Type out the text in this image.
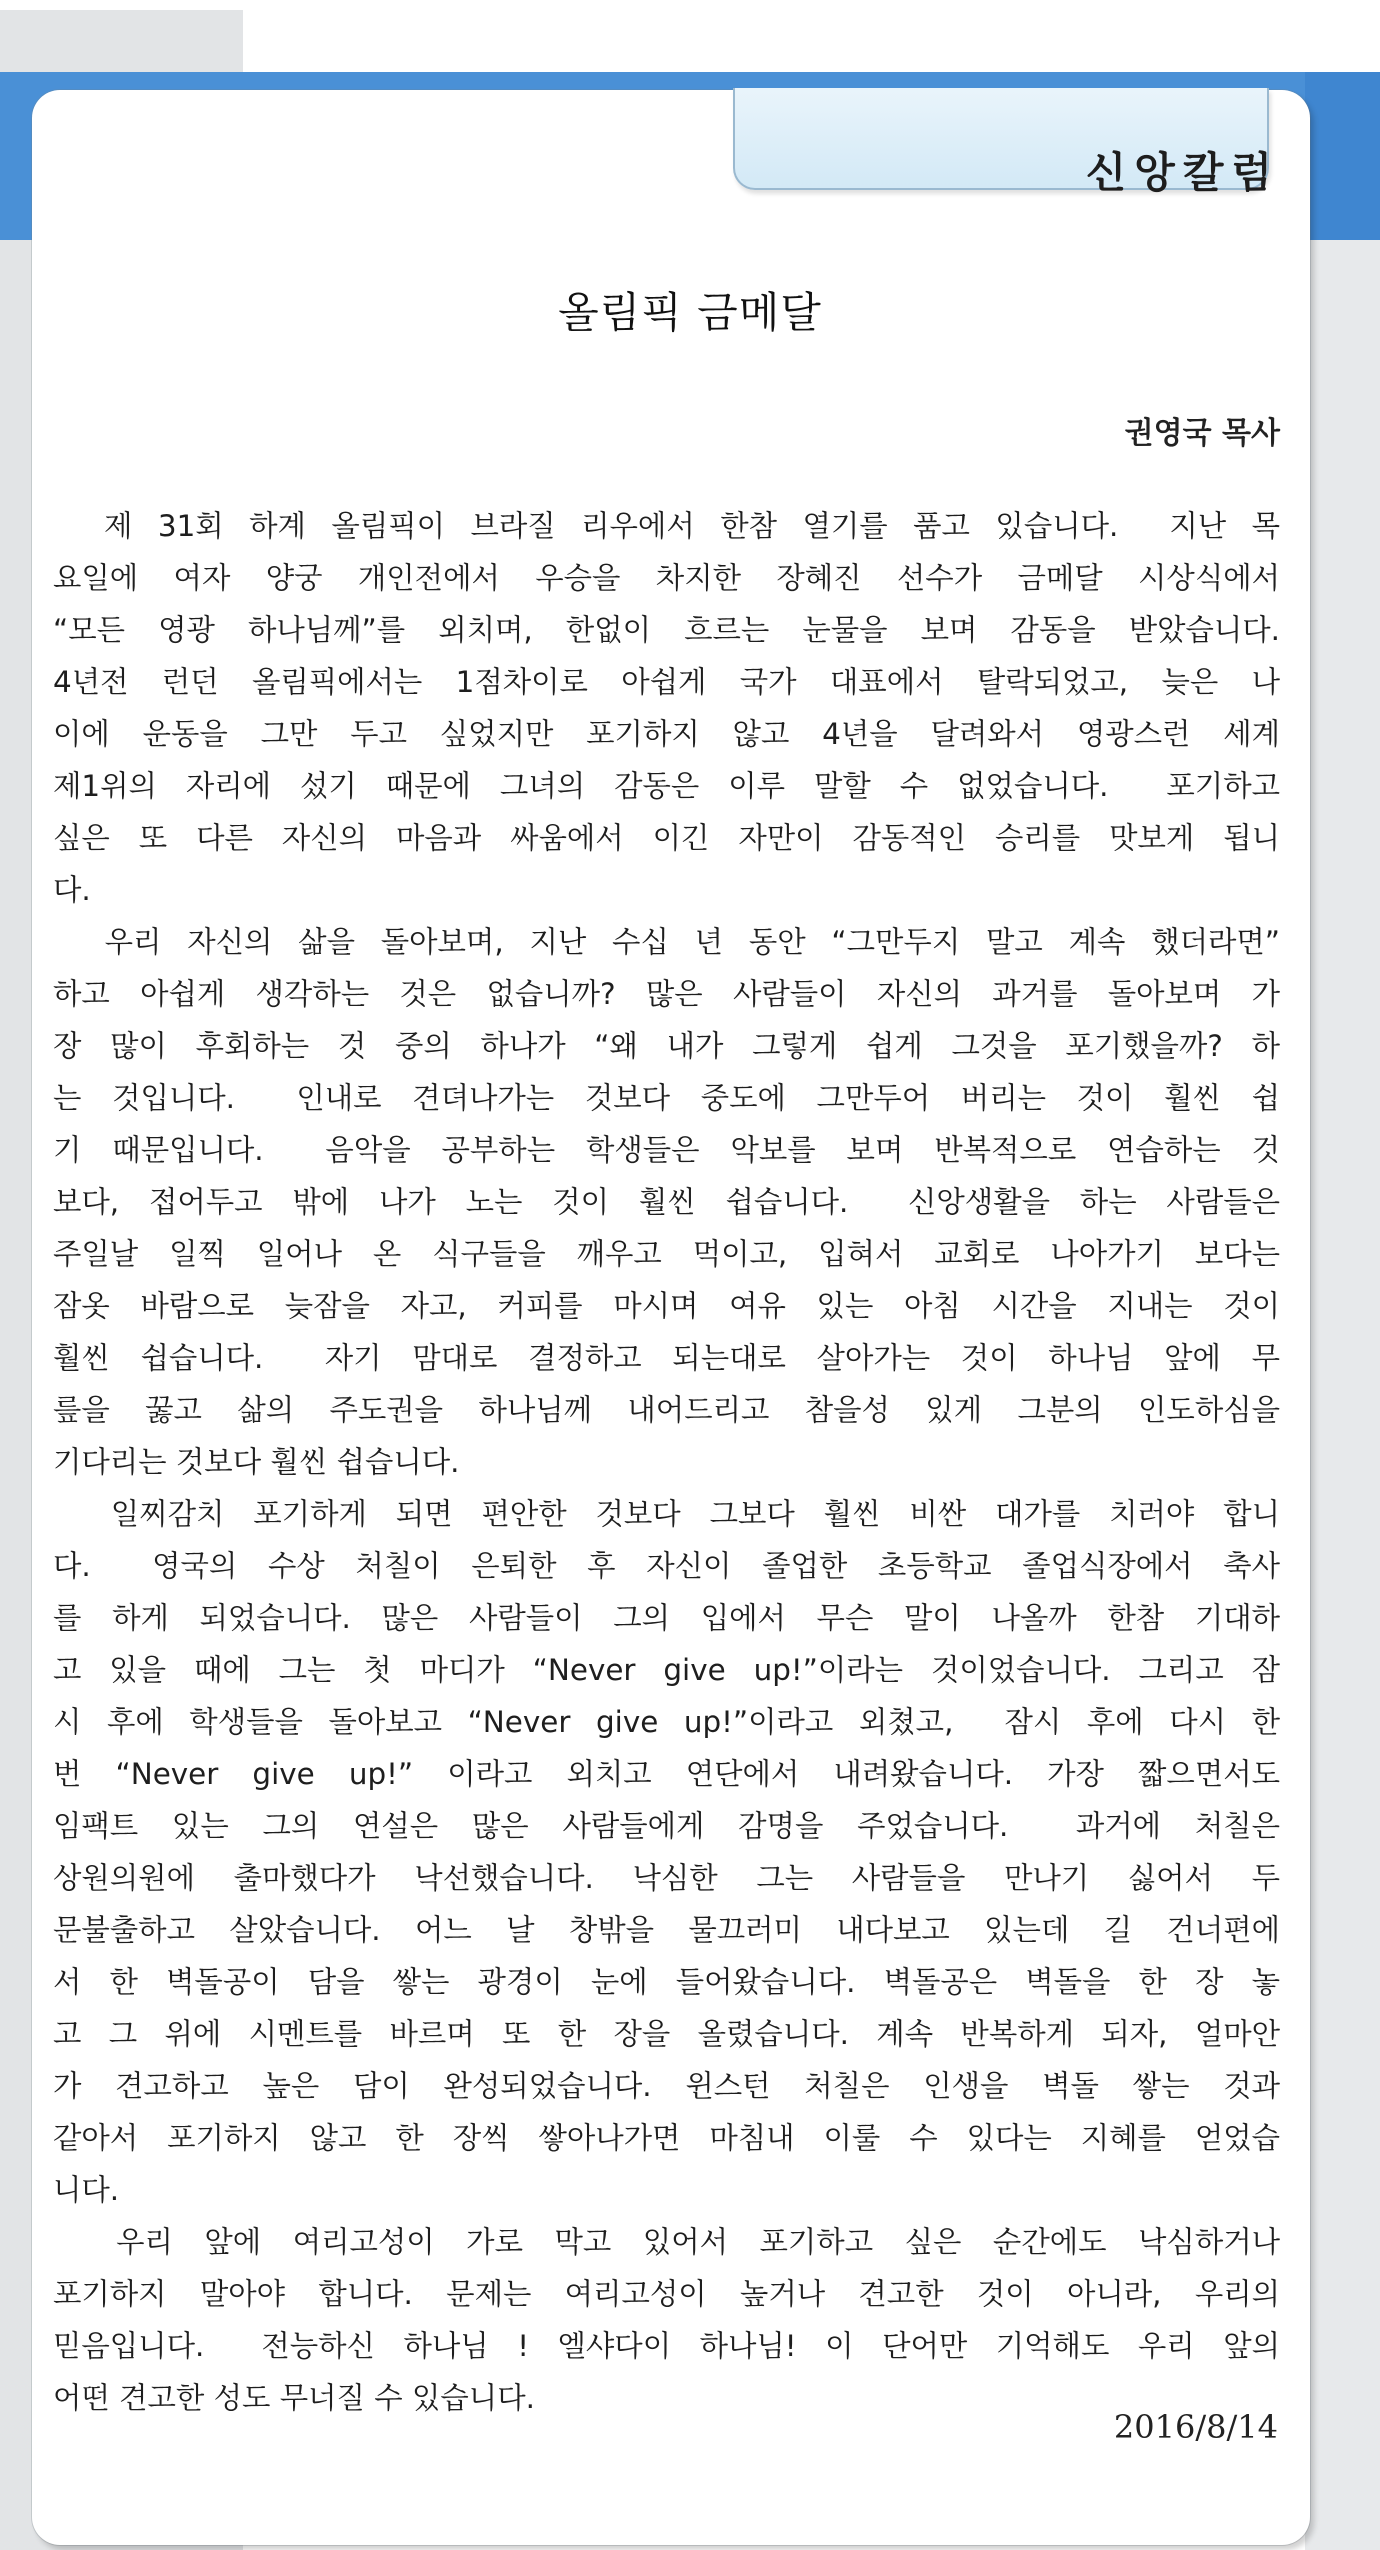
신앙칼럼
올림픽 금메달
권영국 목사
제 31회 하계 올림픽이 브라질 리우에서 한참 열기를 품고 있습니다.  지난 목
요일에 여자 양궁 개인전에서 우승을 차지한 장혜진 선수가 금메달 시상식에서
“모든 영광 하나님께”를 외치며, 한없이 흐르는 눈물을 보며 감동을 받았습니다.
4년전 런던 올림픽에서는 1점차이로 아쉽게 국가 대표에서 탈락되었고, 늦은 나
이에 운동을 그만 두고 싶었지만 포기하지 않고 4년을 달려와서 영광스런 세계
제1위의 자리에 섰기 때문에 그녀의 감동은 이루 말할 수 없었습니다.  포기하고
싶은 또 다른 자신의 마음과 싸움에서 이긴 자만이 감동적인 승리를 맛보게 됩니
다.
우리 자신의 삶을 돌아보며, 지난 수십 년 동안 “그만두지 말고 계속 했더라면”
하고 아쉽게 생각하는 것은 없습니까? 많은 사람들이 자신의 과거를 돌아보며 가
장 많이 후회하는 것 중의 하나가 “왜 내가 그렇게 쉽게 그것을 포기했을까? 하
는 것입니다.  인내로 견뎌나가는 것보다 중도에 그만두어 버리는 것이 훨씬 쉽
기 때문입니다.  음악을 공부하는 학생들은 악보를 보며 반복적으로 연습하는 것
보다, 접어두고 밖에 나가 노는 것이 훨씬 쉽습니다.  신앙생활을 하는 사람들은
주일날 일찍 일어나 온 식구들을 깨우고 먹이고, 입혀서 교회로 나아가기 보다는
잠옷 바람으로 늦잠을 자고, 커피를 마시며 여유 있는 아침 시간을 지내는 것이
훨씬 쉽습니다.  자기 맘대로 결정하고 되는대로 살아가는 것이 하나님 앞에 무
릎을 꿇고 삶의 주도권을 하나님께 내어드리고 참을성 있게 그분의 인도하심을
기다리는 것보다 훨씬 쉽습니다.
일찌감치 포기하게 되면 편안한 것보다 그보다 훨씬 비싼 대가를 치러야 합니
다.  영국의 수상 처칠이 은퇴한 후 자신이 졸업한 초등학교 졸업식장에서 축사
를 하게 되었습니다. 많은 사람들이 그의 입에서 무슨 말이 나올까 한참 기대하
고 있을 때에 그는 첫 마디가 “Never give up!”이라는 것이었습니다. 그리고 잠
시 후에 학생들을 돌아보고 “Never give up!”이라고 외쳤고,  잠시 후에 다시 한
번 “Never give up!” 이라고 외치고 연단에서 내려왔습니다. 가장 짧으면서도
임팩트 있는 그의 연설은 많은 사람들에게 감명을 주었습니다.  과거에 처칠은
상원의원에 출마했다가 낙선했습니다. 낙심한 그는 사람들을 만나기 싫어서 두
문불출하고 살았습니다. 어느 날 창밖을 물끄러미 내다보고 있는데 길 건너편에
서 한 벽돌공이 담을 쌓는 광경이 눈에 들어왔습니다. 벽돌공은 벽돌을 한 장 놓
고 그 위에 시멘트를 바르며 또 한 장을 올렸습니다. 계속 반복하게 되자, 얼마안
가 견고하고 높은 담이 완성되었습니다. 윈스턴 처칠은 인생을 벽돌 쌓는 것과
같아서 포기하지 않고 한 장씩 쌓아나가면 마침내 이룰 수 있다는 지혜를 얻었습
니다.
우리 앞에 여리고성이 가로 막고 있어서 포기하고 싶은 순간에도 낙심하거나
포기하지 말아야 합니다. 문제는 여리고성이 높거나 견고한 것이 아니라, 우리의
믿음입니다.  전능하신 하나님 ! 엘샤다이 하나님! 이 단어만 기억해도 우리 앞의
어떤 견고한 성도 무너질 수 있습니다.
2016/8/14
